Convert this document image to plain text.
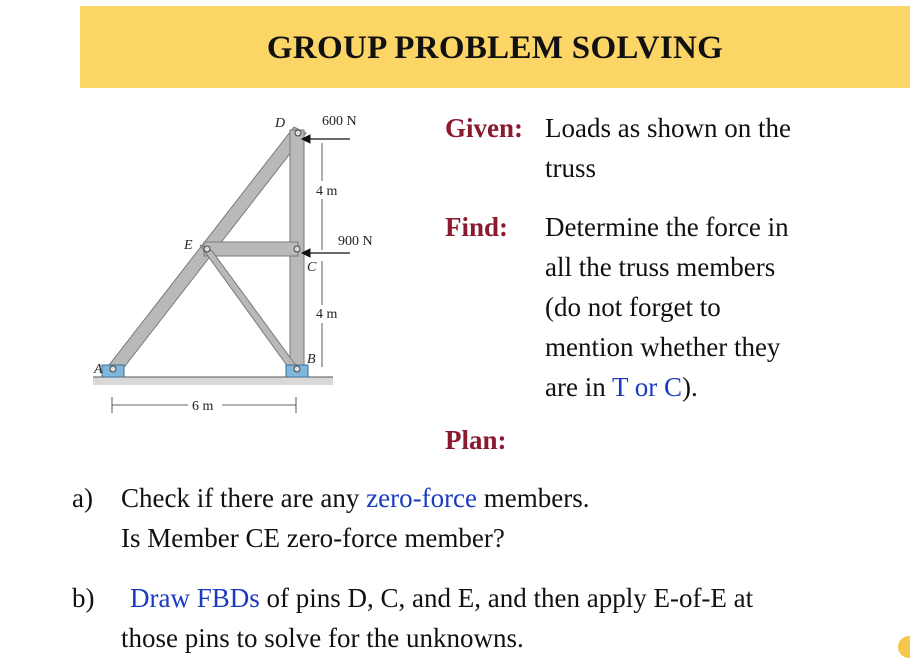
GROUP PROBLEM SOLVING
D
E
C
B
A
600 N
900 N
4 m
4 m
6 m
Given: Loads as shown on the
truss
Find: Determine the force in
all the truss members
(do not forget to
mention whether they
are in T or C).
Plan:
a) Check if there are any zero-force members.
Is Member CE zero-force member?
b) Draw FBDs of pins D, C, and E, and then apply E-of-E at
those pins to solve for the unknowns.
